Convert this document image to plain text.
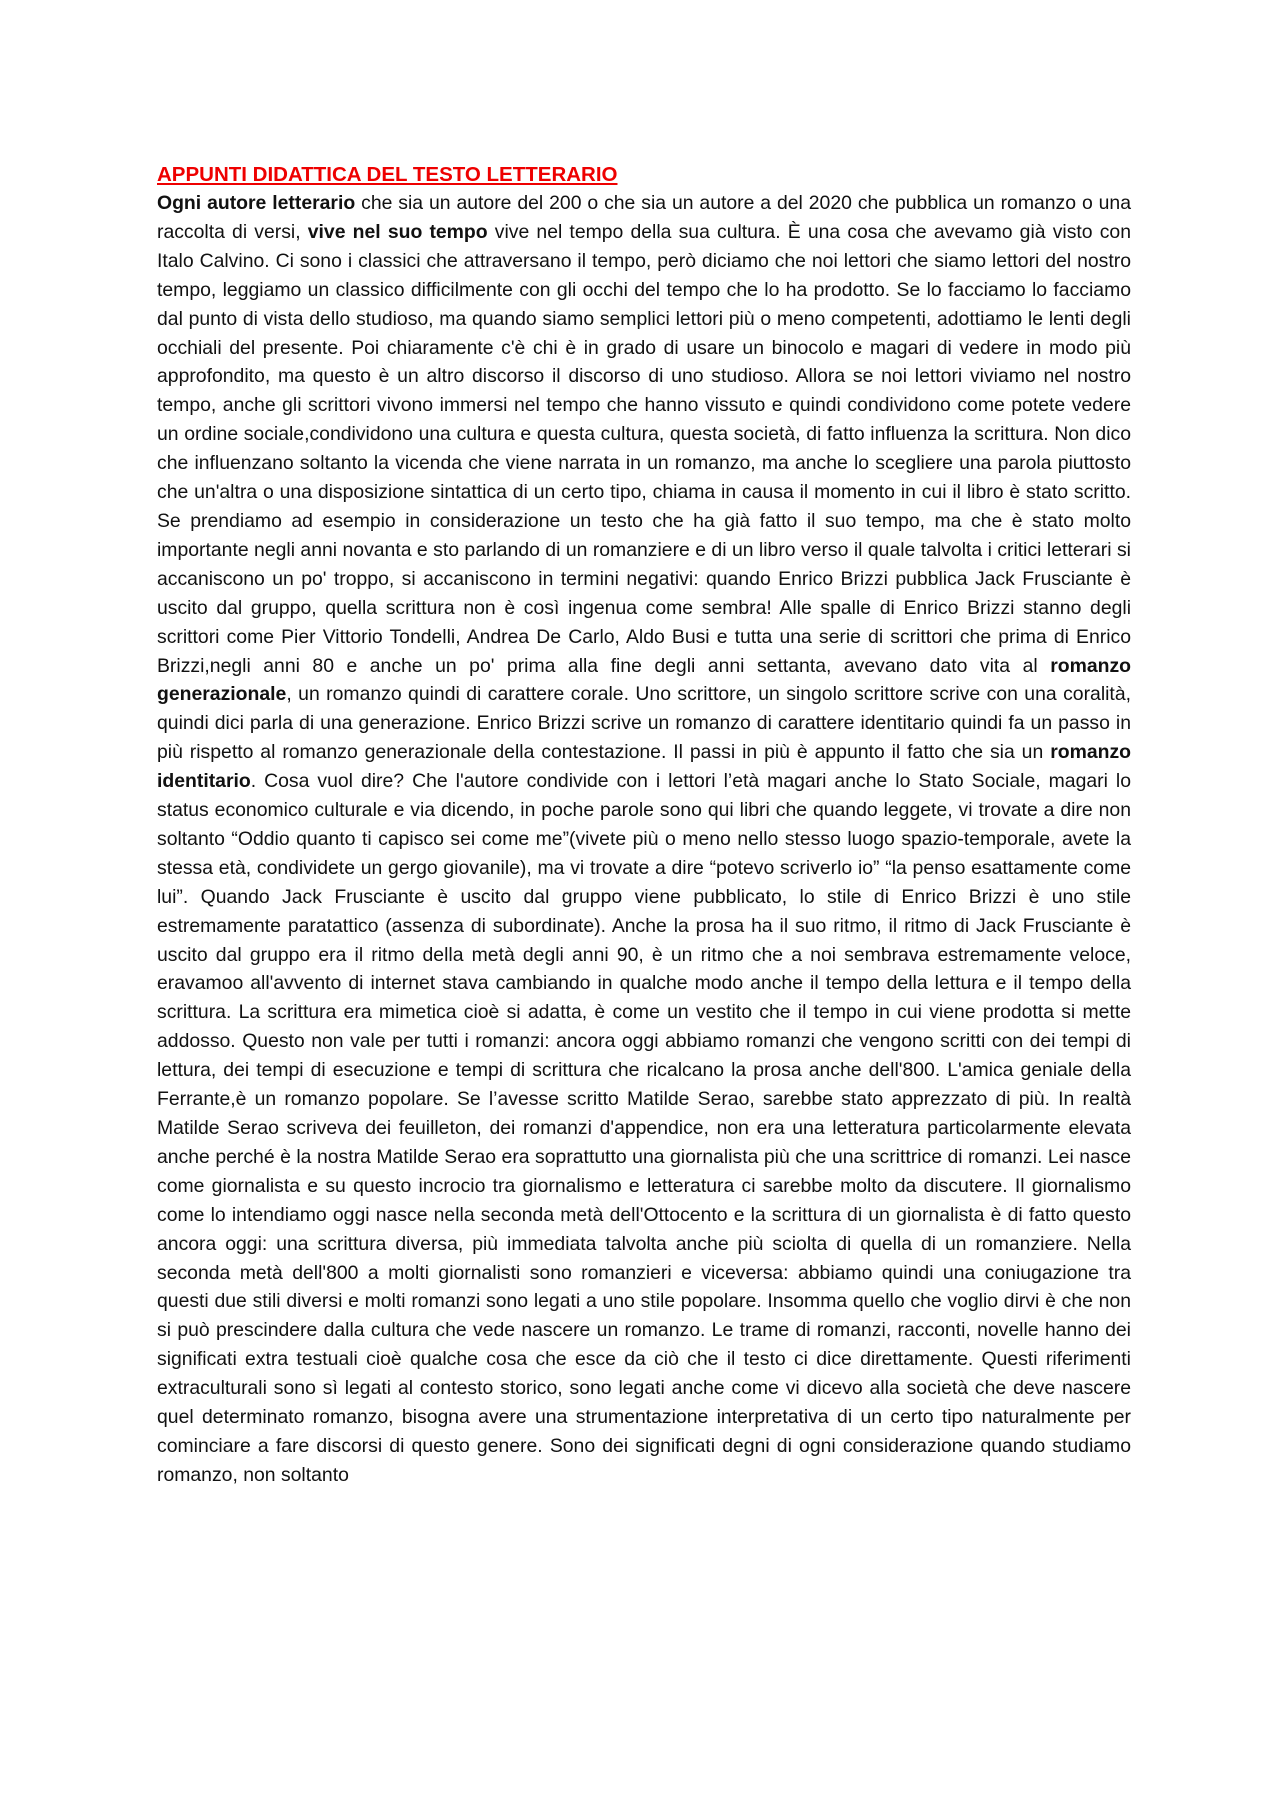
APPUNTI DIDATTICA DEL TESTO LETTERARIO

Ogni autore letterario che sia un autore del 200 o che sia un autore a del 2020 che pubblica un romanzo o una raccolta di versi, vive nel suo tempo vive nel tempo della sua cultura. È una cosa che avevamo già visto con Italo Calvino. Ci sono i classici che attraversano il tempo, però diciamo che noi lettori che siamo lettori del nostro tempo, leggiamo un classico difficilmente con gli occhi del tempo che lo ha prodotto. Se lo facciamo lo facciamo dal punto di vista dello studioso, ma quando siamo semplici lettori più o meno competenti, adottiamo le lenti degli occhiali del presente. Poi chiaramente c'è chi è in grado di usare un binocolo e magari di vedere in modo più approfondito, ma questo è un altro discorso il discorso di uno studioso. Allora se noi lettori viviamo nel nostro tempo, anche gli scrittori vivono immersi nel tempo che hanno vissuto e quindi condividono come potete vedere un ordine sociale,condividono una cultura e questa cultura, questa società, di fatto influenza la scrittura. Non dico che influenzano soltanto la vicenda che viene narrata in un romanzo, ma anche lo scegliere una parola piuttosto che un'altra o una disposizione sintattica di un certo tipo, chiama in causa il momento in cui il libro è stato scritto. Se prendiamo ad esempio in considerazione un testo che ha già fatto il suo tempo, ma che è stato molto importante negli anni novanta e sto parlando di un romanziere e di un libro verso il quale talvolta i critici letterari si accaniscono un po' troppo, si accaniscono in termini negativi: quando Enrico Brizzi pubblica Jack Frusciante è uscito dal gruppo, quella scrittura non è così ingenua come sembra! Alle spalle di Enrico Brizzi stanno degli scrittori come Pier Vittorio Tondelli, Andrea De Carlo, Aldo Busi e tutta una serie di scrittori che prima di Enrico Brizzi,negli anni 80 e anche un po' prima alla fine degli anni settanta, avevano dato vita al romanzo generazionale, un romanzo quindi di carattere corale. Uno scrittore, un singolo scrittore scrive con una coralità, quindi dici parla di una generazione. Enrico Brizzi scrive un romanzo di carattere identitario quindi fa un passo in più rispetto al romanzo generazionale della contestazione. Il passi in più è appunto il fatto che sia un romanzo identitario. Cosa vuol dire? Che l'autore condivide con i lettori l’età magari anche lo Stato Sociale, magari lo status economico culturale e via dicendo, in poche parole sono qui libri che quando leggete, vi trovate a dire non soltanto “Oddio quanto ti capisco sei come me”(vivete più o meno nello stesso luogo spazio-temporale, avete la stessa età, condividete un gergo giovanile), ma vi trovate a dire “potevo scriverlo io” “la penso esattamente come lui”. Quando Jack Frusciante è uscito dal gruppo viene pubblicato, lo stile di Enrico Brizzi è uno stile estremamente paratattico (assenza di subordinate). Anche la prosa ha il suo ritmo, il ritmo di Jack Frusciante è uscito dal gruppo era il ritmo della metà degli anni 90, è un ritmo che a noi sembrava estremamente veloce, eravamoo all'avvento di internet stava cambiando in qualche modo anche il tempo della lettura e il tempo della scrittura. La scrittura era mimetica cioè si adatta, è come un vestito che il tempo in cui viene prodotta si mette addosso. Questo non vale per tutti i romanzi: ancora oggi abbiamo romanzi che vengono scritti con dei tempi di lettura, dei tempi di esecuzione e tempi di scrittura che ricalcano la prosa anche dell'800. L'amica geniale della Ferrante,è un romanzo popolare. Se l’avesse scritto Matilde Serao, sarebbe stato apprezzato di più. In realtà Matilde Serao scriveva dei feuilleton, dei romanzi d'appendice, non era una letteratura particolarmente elevata anche perché è la nostra Matilde Serao era soprattutto una giornalista più che una scrittrice di romanzi. Lei nasce come giornalista e su questo incrocio tra giornalismo e letteratura ci sarebbe molto da discutere. Il giornalismo come lo intendiamo oggi nasce nella seconda metà dell'Ottocento e la scrittura di un giornalista è di fatto questo ancora oggi: una scrittura diversa, più immediata talvolta anche più sciolta di quella di un romanziere. Nella seconda metà dell'800 a molti giornalisti sono romanzieri e viceversa: abbiamo quindi una coniugazione tra questi due stili diversi e molti romanzi sono legati a uno stile popolare. Insomma quello che voglio dirvi è che non si può prescindere dalla cultura che vede nascere un romanzo. Le trame di romanzi, racconti, novelle hanno dei significati extra testuali cioè qualche cosa che esce da ciò che il testo ci dice direttamente. Questi riferimenti extraculturali sono sì legati al contesto storico, sono legati anche come vi dicevo alla società che deve nascere quel determinato romanzo, bisogna avere una strumentazione interpretativa di un certo tipo naturalmente per cominciare a fare discorsi di questo genere. Sono dei significati degni di ogni considerazione quando studiamo romanzo, non soltanto
